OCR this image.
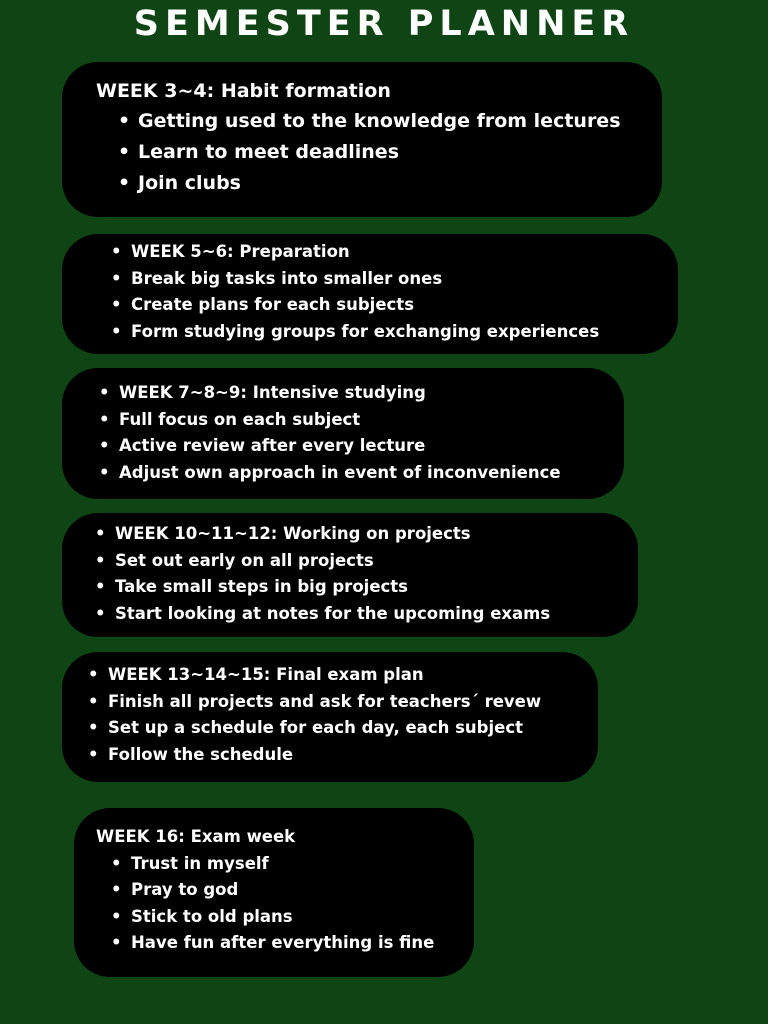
SEMESTER PLANNER
WEEK 3~4: Habit formation
• Getting used to the knowledge from lectures
• Learn to meet deadlines
• Join clubs
• WEEK 5~6: Preparation
• Break big tasks into smaller ones
• Create plans for each subjects
• Form studying groups for exchanging experiences
• WEEK 7~8~9: Intensive studying
• Full focus on each subject
• Active review after every lecture
• Adjust own approach in event of inconvenience
• WEEK 10~11~12: Working on projects
• Set out early on all projects
• Take small steps in big projects
• Start looking at notes for the upcoming exams
• WEEK 13~14~15: Final exam plan
• Finish all projects and ask for teachers´ revew
• Set up a schedule for each day, each subject
• Follow the schedule
WEEK 16: Exam week
• Trust in myself
• Pray to god
• Stick to old plans
• Have fun after everything is fine
